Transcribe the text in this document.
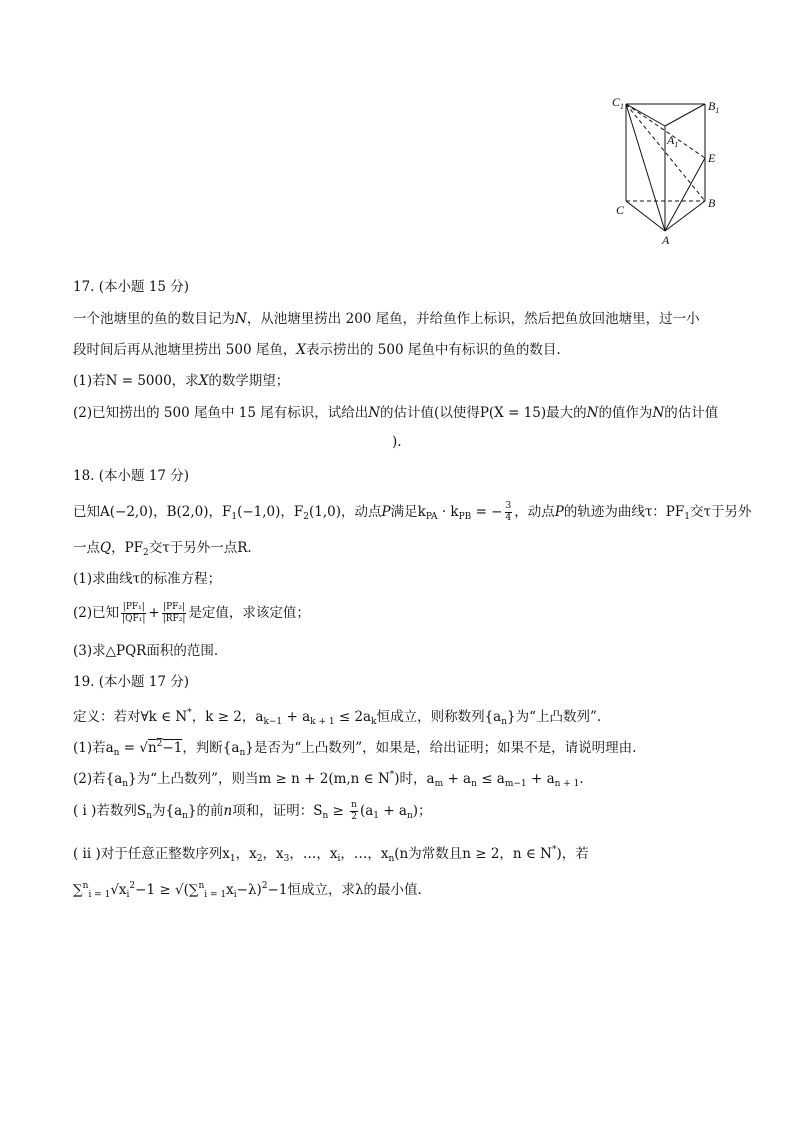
$C_1$	$B_1$
$A_1$
E
C	B
A
17. (本小题 15 分)
一个池塘里的鱼的数目记为N，从池塘里捞出 200 尾鱼，并给鱼作上标识，然后把鱼放回池塘里，过一小
段时间后再从池塘里捞出 500 尾鱼，X表示捞出的 500 尾鱼中有标识的鱼的数目.
(1)若N = 5000，求X的数学期望；
(2)已知捞出的 500 尾鱼中 15 尾有标识，试给出N的估计值(以使得P(X = 15)最大的N的值作为N的估计值
).
18. (本小题 17 分)
已知A(−2,0)，B(2,0)，$F_1(-1,0)$，$F_2(1,0)$，动点P满足$k_{PA} \cdot k_{PB}$ = − $\frac{3}{4}$ ，动点P的轨迹为曲线τ：$PF_1$交τ于另外
一点Q，$PF_2$交τ于另外一点R.
(1)求曲线τ的标准方程；
(2)已知 $\frac{\text{|PF₁|}}{\text{|QF₁|}} + \frac{\text{|PF₂|}}{\text{|RF₂|}}$ 是定值，求该定值；
(3)求△PQR面积的范围.
19. (本小题 17 分)
定义：若对∀k ∈ N*，k ≥ 2，$a_{k-1} + a_{k + 1} \le 2a_k$恒成立，则称数列$\{a_n\}$为“上凸数列”.
(1)若$a_n = √n^2-1$，判断$\{a_n\}$是否为“上凸数列”，如果是，给出证明；如果不是，请说明理由.
(2)若$\{a_n\}$为“上凸数列”，则当m ≥ n + 2(m,n ∈ N*)时，$a_m + a_n \le a_{m-1} + a_{n + 1}$.
( ⅰ )若数列$S_n$为$\{a_n\}$的前n项和，证明：$S_n \ge \frac{n}{2} (a_1 + a_n)$；
( ⅱ )对于任意正整数序列$x_1$，$x_2$，$x_3$，…，$x_i$，…，$x_n(n$为常数且n ≥ 2，n ∈ N*)，若
$\sum^n_{i = 1}√x_i^2-1 \ge √(\sum^n_{i = 1}x_i-\lambda)^2-1$恒成立，求λ的最小值.
